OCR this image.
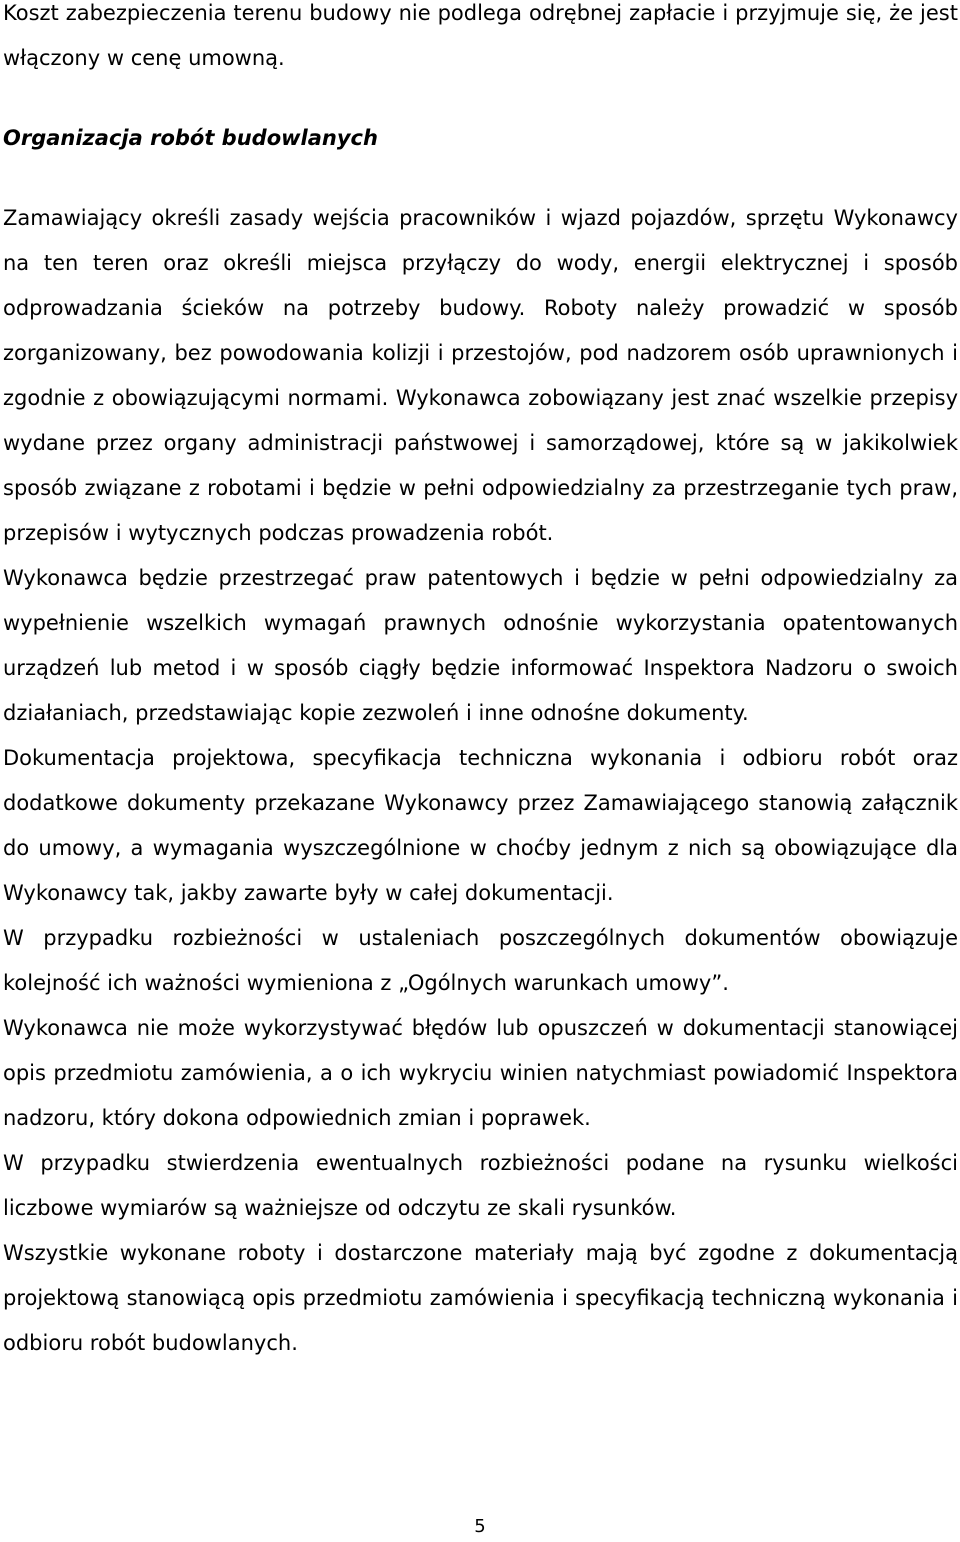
Koszt zabezpieczenia terenu budowy nie podlega odrębnej zapłacie i przyjmuje się, że jest włączony w cenę umowną.

Organizacja robót budowlanych

Zamawiający określi zasady wejścia pracowników i wjazd pojazdów, sprzętu Wykonawcy na ten teren oraz określi miejsca przyłączy do wody, energii elektrycznej i sposób odprowadzania ścieków na potrzeby budowy. Roboty należy prowadzić w sposób zorganizowany, bez powodowania kolizji i przestojów, pod nadzorem osób uprawnionych i zgodnie z obowiązującymi normami. Wykonawca zobowiązany jest znać wszelkie przepisy wydane przez organy administracji państwowej i samorządowej, które są w jakikolwiek sposób związane z robotami i będzie w pełni odpowiedzialny za przestrzeganie tych praw, przepisów i wytycznych podczas prowadzenia robót.

Wykonawca będzie przestrzegać praw patentowych i będzie w pełni odpowiedzialny za wypełnienie wszelkich wymagań prawnych odnośnie wykorzystania opatentowanych urządzeń lub metod i w sposób ciągły będzie informować Inspektora Nadzoru o swoich działaniach, przedstawiając kopie zezwoleń i inne odnośne dokumenty.

Dokumentacja projektowa, specyfikacja techniczna wykonania i odbioru robót oraz dodatkowe dokumenty przekazane Wykonawcy przez Zamawiającego stanowią załącznik do umowy, a wymagania wyszczególnione w choćby jednym z nich są obowiązujące dla Wykonawcy tak, jakby zawarte były w całej dokumentacji.

W przypadku rozbieżności w ustaleniach poszczególnych dokumentów obowiązuje kolejność ich ważności wymieniona z „Ogólnych warunkach umowy”.

Wykonawca nie może wykorzystywać błędów lub opuszczeń w dokumentacji stanowiącej opis przedmiotu zamówienia, a o ich wykryciu winien natychmiast powiadomić Inspektora nadzoru, który dokona odpowiednich zmian i poprawek.

W przypadku stwierdzenia ewentualnych rozbieżności podane na rysunku wielkości liczbowe wymiarów są ważniejsze od odczytu ze skali rysunków.

Wszystkie wykonane roboty i dostarczone materiały mają być zgodne z dokumentacją projektową stanowiącą opis przedmiotu zamówienia i specyfikacją techniczną wykonania i odbioru robót budowlanych.

5
